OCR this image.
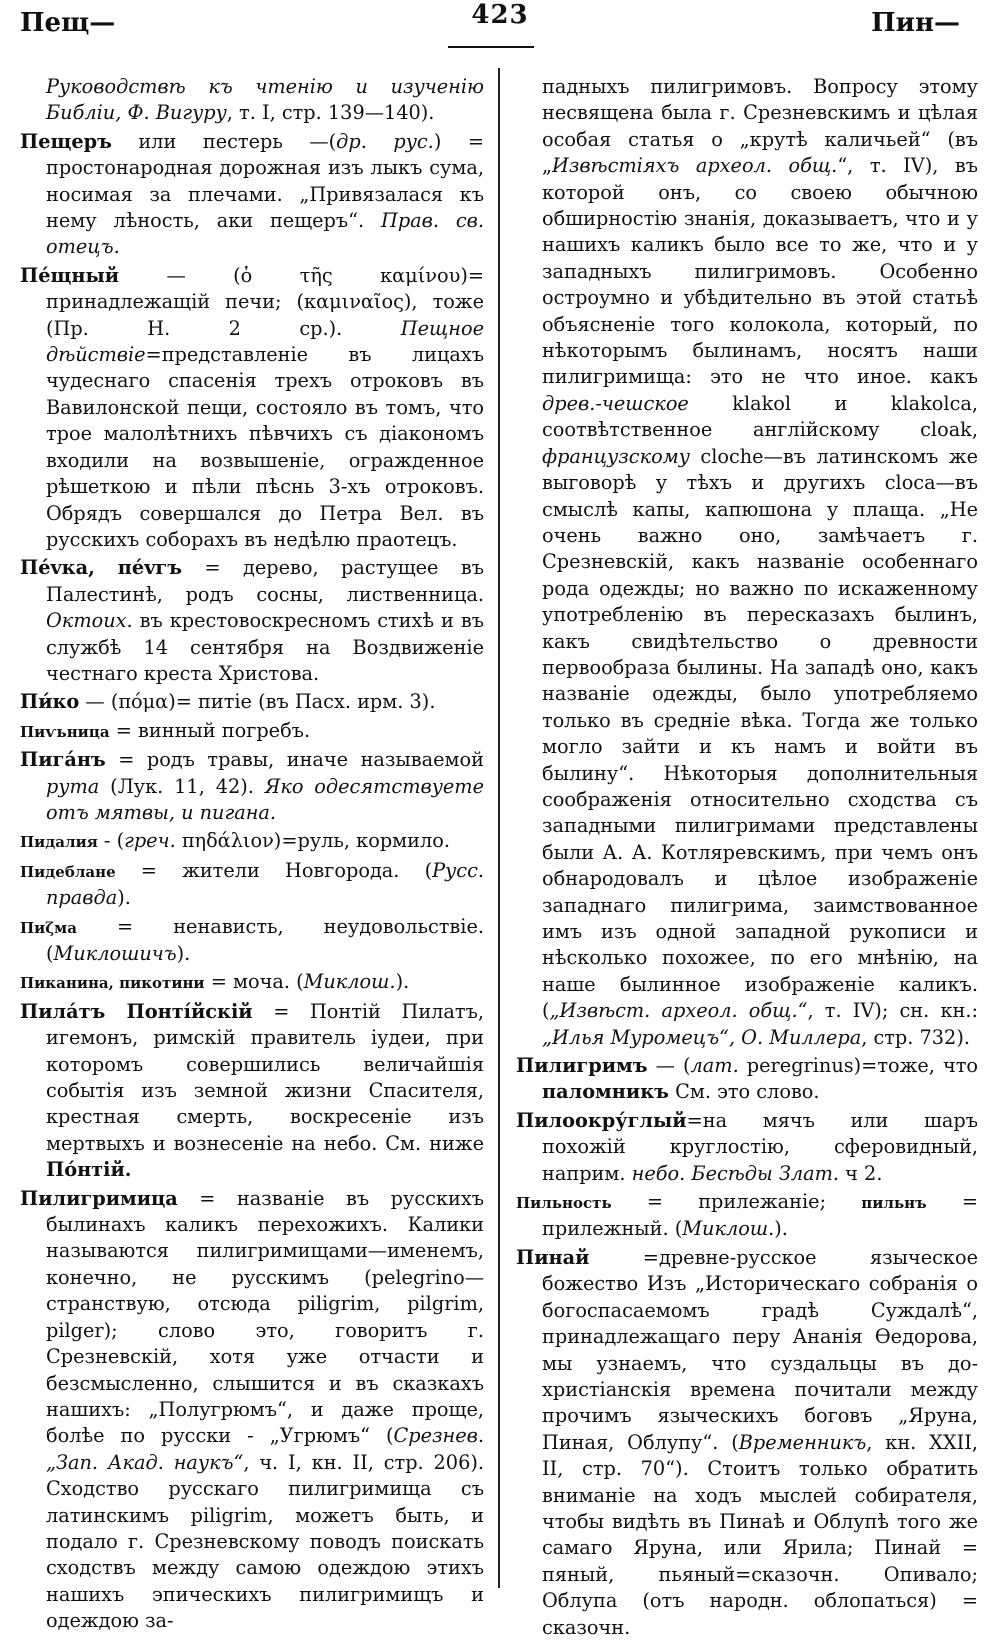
Пещ—	423	Пин—

Руководствѣ къ чтенію и изученію Библіи, Ф. Вигуру, т. I, стр. 139—140).

Пещеръ или пестерь —(др. рус.) = простонародная дорожная изъ лыкъ сума, носимая за плечами. „Привязалася къ нему лѣность, аки пещеръ“. Прав. св. отецъ.

Пе́щный — (ὁ τῆς καμίνου)= принадлежащій печи; (καμιναῖος), тоже (Пр. Н. 2 ср.). Пещное дѣйствіе=представленіе въ лицахъ чудеснаго спасенія трехъ отроковъ въ Вавилонской пещи, состояло въ томъ, что трое малолѣтнихъ пѣвчихъ съ діакономъ входили на возвышеніе, огражденное рѣшеткою и пѣли пѣснь 3-хъ отроковъ. Обрядъ совершался до Петра Вел. въ русскихъ соборахъ въ недѣлю праотецъ.

Пе́vка, пе́vгъ = дерево, растущее въ Палестинѣ, родъ сосны, лиственница. Октоих. въ крестовоскресномъ стихѣ и въ службѣ 14 сентября на Воздвиженіе честнаго креста Христова.

Пи́ко — (πόμα)= питіе (въ Пасх. ирм. 3).

Пиѵьница = винный погребъ.

Пига́нъ = родъ травы, иначе называемой рута (Лук. 11, 42). Яко одесятствуете отъ мятвы, и пигана.

Пидалия - (греч. πηδάλιον)=руль, кормило.

Пидеблане = жители Новгорода. (Русс. правда).

Пиζма = ненависть, неудовольствіе. (Миклошичъ).

Пиканина, пикотини = моча. (Миклош.).

Пила́тъ Понті́йскій = Понтій Пилатъ, игемонъ, римскій правитель іудеи, при которомъ совершились величайшія событія изъ земной жизни Спасителя, крестная смерть, воскресеніе изъ мертвыхъ и вознесеніе на небо. См. ниже По́нтій.

Пилигримица = названіе въ русскихъ былинахъ каликъ перехожихъ. Калики называются пилигримищами—именемъ, конечно, не русскимъ (pelegrino—странствую, отсюда piligrim, pilgrim, pilger); слово это, говоритъ г. Срезневскій, хотя уже отчасти и безсмысленно, слышится и въ сказкахъ нашихъ: „Полугрюмъ“, и даже проще, болѣе по русски - „Угрюмъ“ (Срезнев. „Зап. Акад. наукъ“, ч. I, кн. II, стр. 206). Сходство русскаго пилигримища съ латинскимъ piligrim, можетъ быть, и подало г. Срезневскому поводъ поискать сходствъ между самою одеждою этихъ нашихъ эпическихъ пилигримищъ и одеждою за-

падныхъ пилигримовъ. Вопросу этому несвящена была г. Срезневскимъ и цѣлая особая статья о „крутѣ каличьей“ (въ „Извѣстіяхъ археол. общ.“, т. IV), въ которой онъ, со своею обычною обширностію знанія, доказываетъ, что и у нашихъ каликъ было все то же, что и у западныхъ пилигримовъ. Особенно остроумно и убѣдительно въ этой статьѣ объясненіе того колокола, который, по нѣкоторымъ былинамъ, носятъ наши пилигримища: это не что иное. какъ древ.-чешское klakol и klakolca, соотвѣтственное англійскому cloak, французскому cloche—въ латинскомъ же выговорѣ у тѣхъ и другихъ cloca—въ смыслѣ капы, капюшона у плаща. „Не очень важно оно, замѣчаетъ г. Срезневскій, какъ названіе особеннаго рода одежды; но важно по искаженному употребленію въ пересказахъ былинъ, какъ свидѣтельство о древности первообраза былины. На западѣ оно, какъ названіе одежды, было употребляемо только въ средніе вѣка. Тогда же только могло зайти и къ намъ и войти въ былину“. Нѣкоторыя дополнительныя соображенія относительно сходства съ западными пилигримами представлены были А. А. Котляревскимъ, при чемъ онъ обнародовалъ и цѣлое изображеніе западнаго пилигрима, заимствованное имъ изъ одной западной рукописи и нѣсколько похожее, по его мнѣнію, на наше былинное изображеніе каликъ. („Извѣст. археол. общ.“, т. IV); сн. кн.: „Илья Муромецъ“, О. Миллера, стр. 732).

Пилигримъ — (лат. peregrinus)=тоже, что паломникъ См. это слово.

Пилоокру́глый=на мячъ или шаръ похожій круглостію, сферовидный, наприм. небо. Бесѣды Злат. ч 2.

Пильность = прилежаніе; пильнъ = прилежный. (Миклош.).

Пинай =древне-русское языческое божество Изъ „Историческаго собранія о богоспасаемомъ градѣ Суждалѣ“, принадлежащаго перу Ананія Ѳедорова, мы узнаемъ, что суздальцы въ до-христіанскія времена почитали между прочимъ языческихъ боговъ „Яруна, Пиная, Облупу“. (Временникъ, кн. XXII, II, стр. 70“). Стоитъ только обратить вниманіе на ходъ мыслей собирателя, чтобы видѣть въ Пинаѣ и Облупѣ того же самаго Яруна, или Ярила; Пинай = пяный, пьяный=сказочн. Опивало; Облупа (отъ народн. облопаться) = сказочн.
